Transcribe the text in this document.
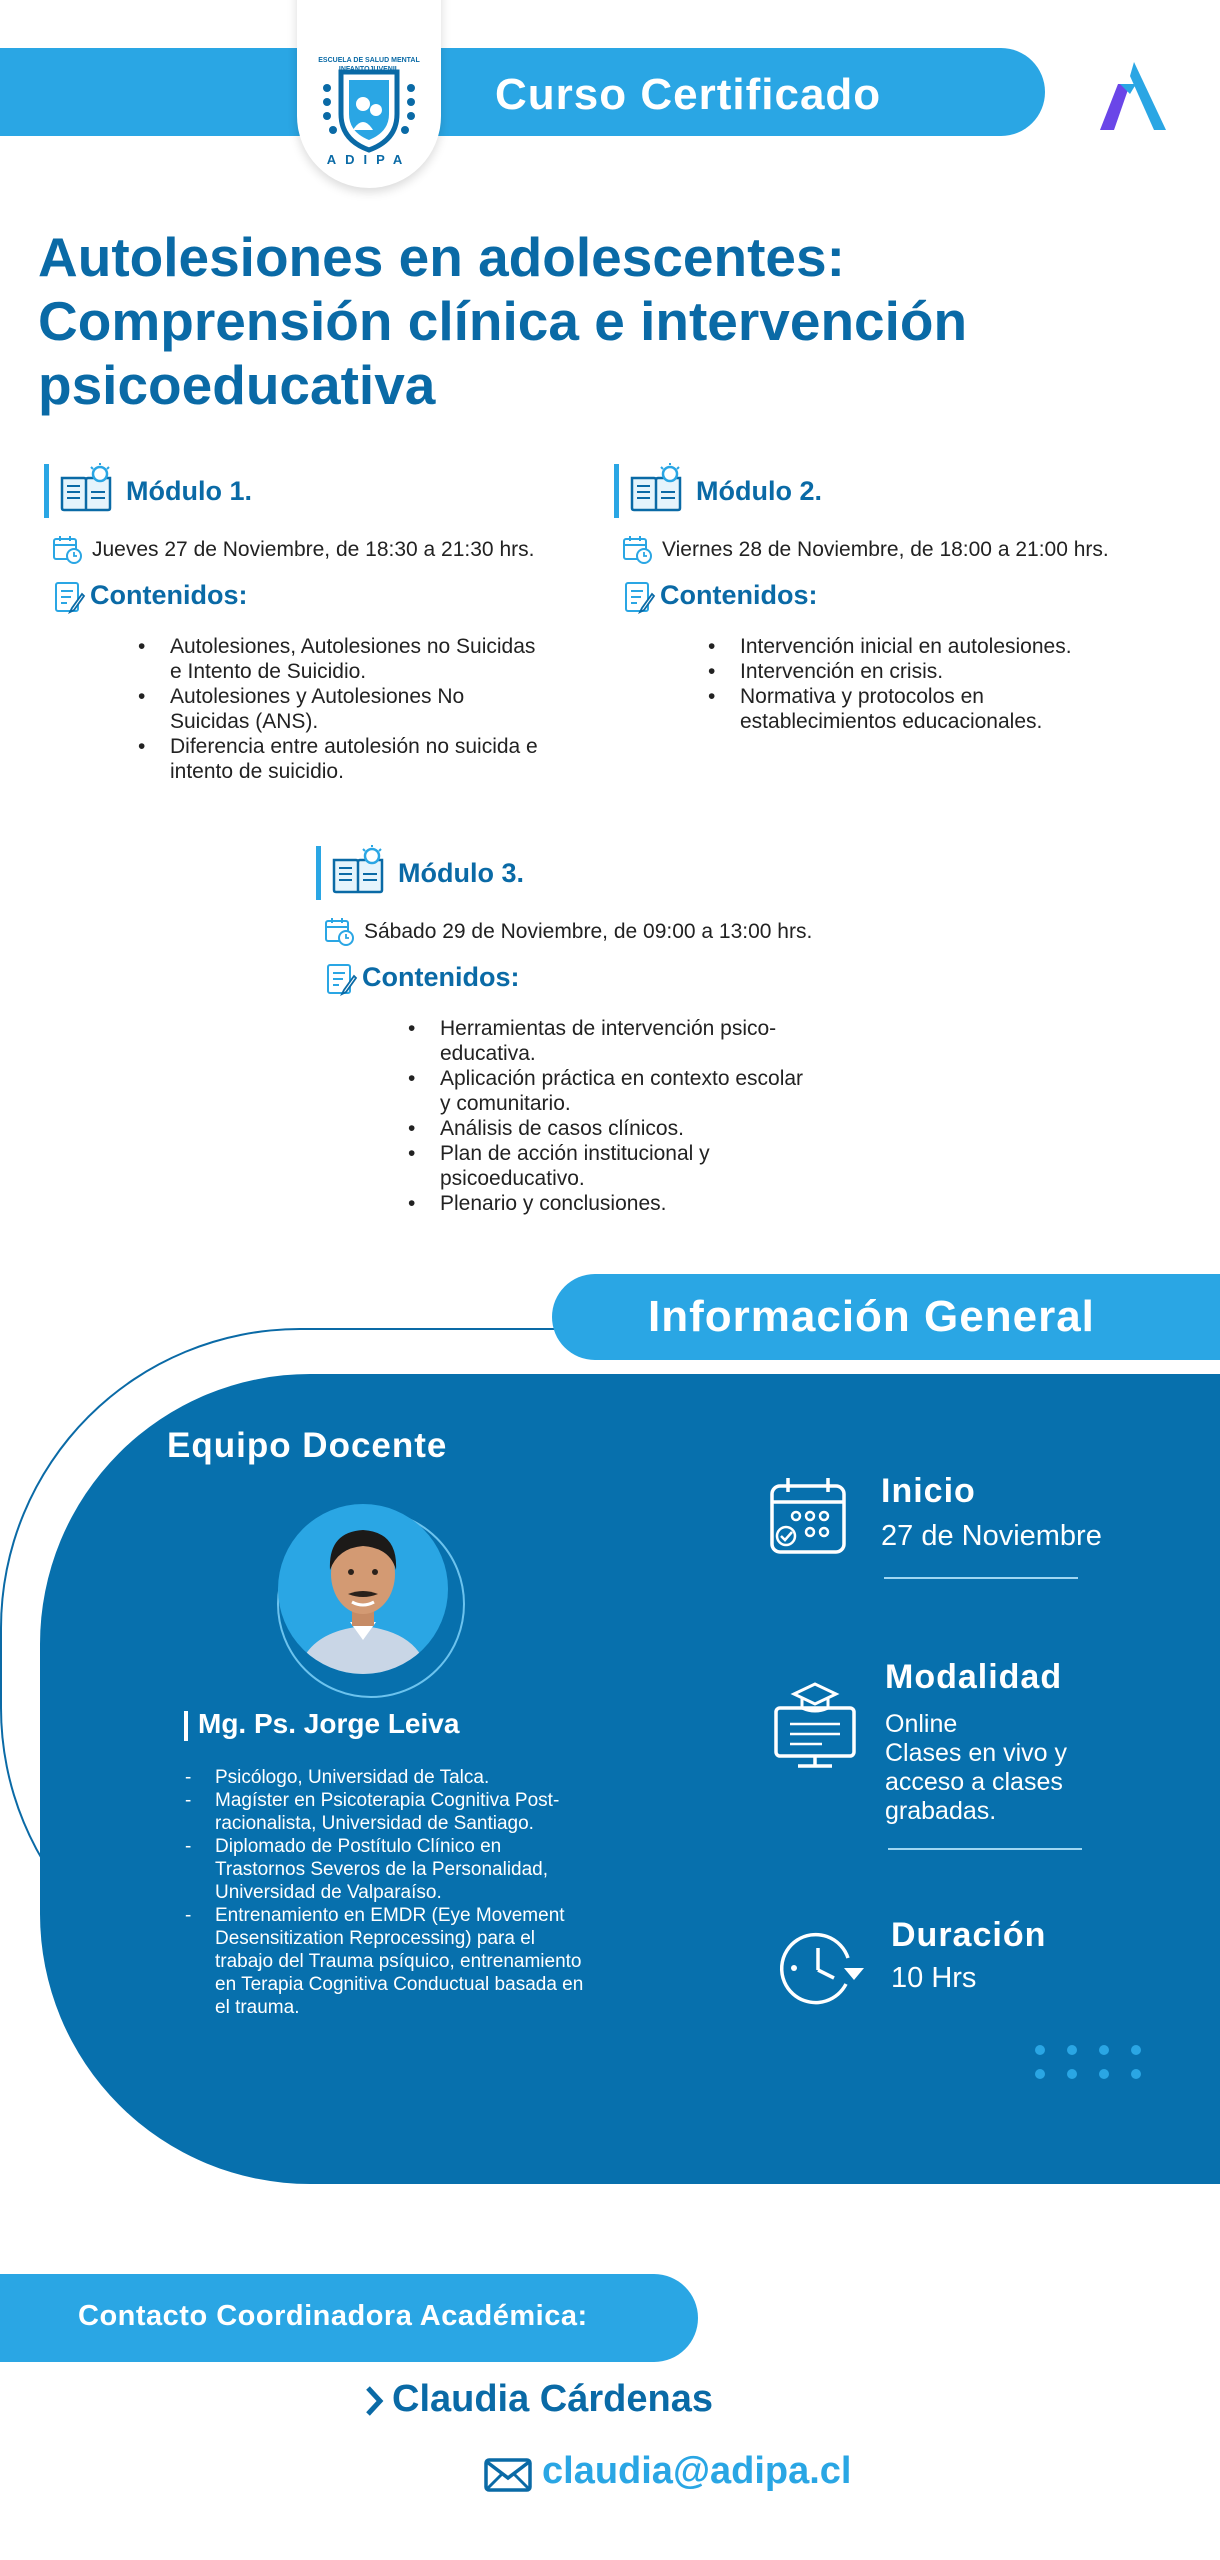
Curso Certificado
ESCUELA DE SALUD MENTAL
ADIPA
Autolesiones en adolescentes: Comprensión clínica e intervención psicoeducativa
Módulo 1.
Jueves 27 de Noviembre, de 18:30 a 21:30 hrs.
Contenidos:
• Autolesiones, Autolesiones no Suicidas e Intento de Suicidio.
• Autolesiones y Autolesiones No Suicidas (ANS).
• Diferencia entre autolesión no suicida e intento de suicidio.
Módulo 2.
Viernes 28 de Noviembre, de 18:00 a 21:00 hrs.
Contenidos:
• Intervención inicial en autolesiones.
• Intervención en crisis.
• Normativa y protocolos en establecimientos educacionales.
Módulo 3.
Sábado 29 de Noviembre, de 09:00 a 13:00 hrs.
Contenidos:
• Herramientas de intervención psico- educativa.
• Aplicación práctica en contexto escolar y comunitario.
• Análisis de casos clínicos.
• Plan de acción institucional y psicoeducativo.
• Plenario y conclusiones.
Información General
Equipo Docente
Mg. Ps. Jorge Leiva
- Psicólogo, Universidad de Talca.
- Magíster en Psicoterapia Cognitiva Post-racionalista, Universidad de Santiago.
- Diplomado de Postítulo Clínico en Trastornos Severos de la Personalidad, Universidad de Valparaíso.
- Entrenamiento en EMDR (Eye Movement Desensitization Reprocessing) para el trabajo del Trauma psíquico, entrenamiento en Terapia Cognitiva Conductual basada en el trauma.
Inicio
27 de Noviembre
Modalidad
Online
Clases en vivo y acceso a clases grabadas.
Duración
10 Hrs
Contacto Coordinadora Académica:
Claudia Cárdenas
claudia@adipa.cl
